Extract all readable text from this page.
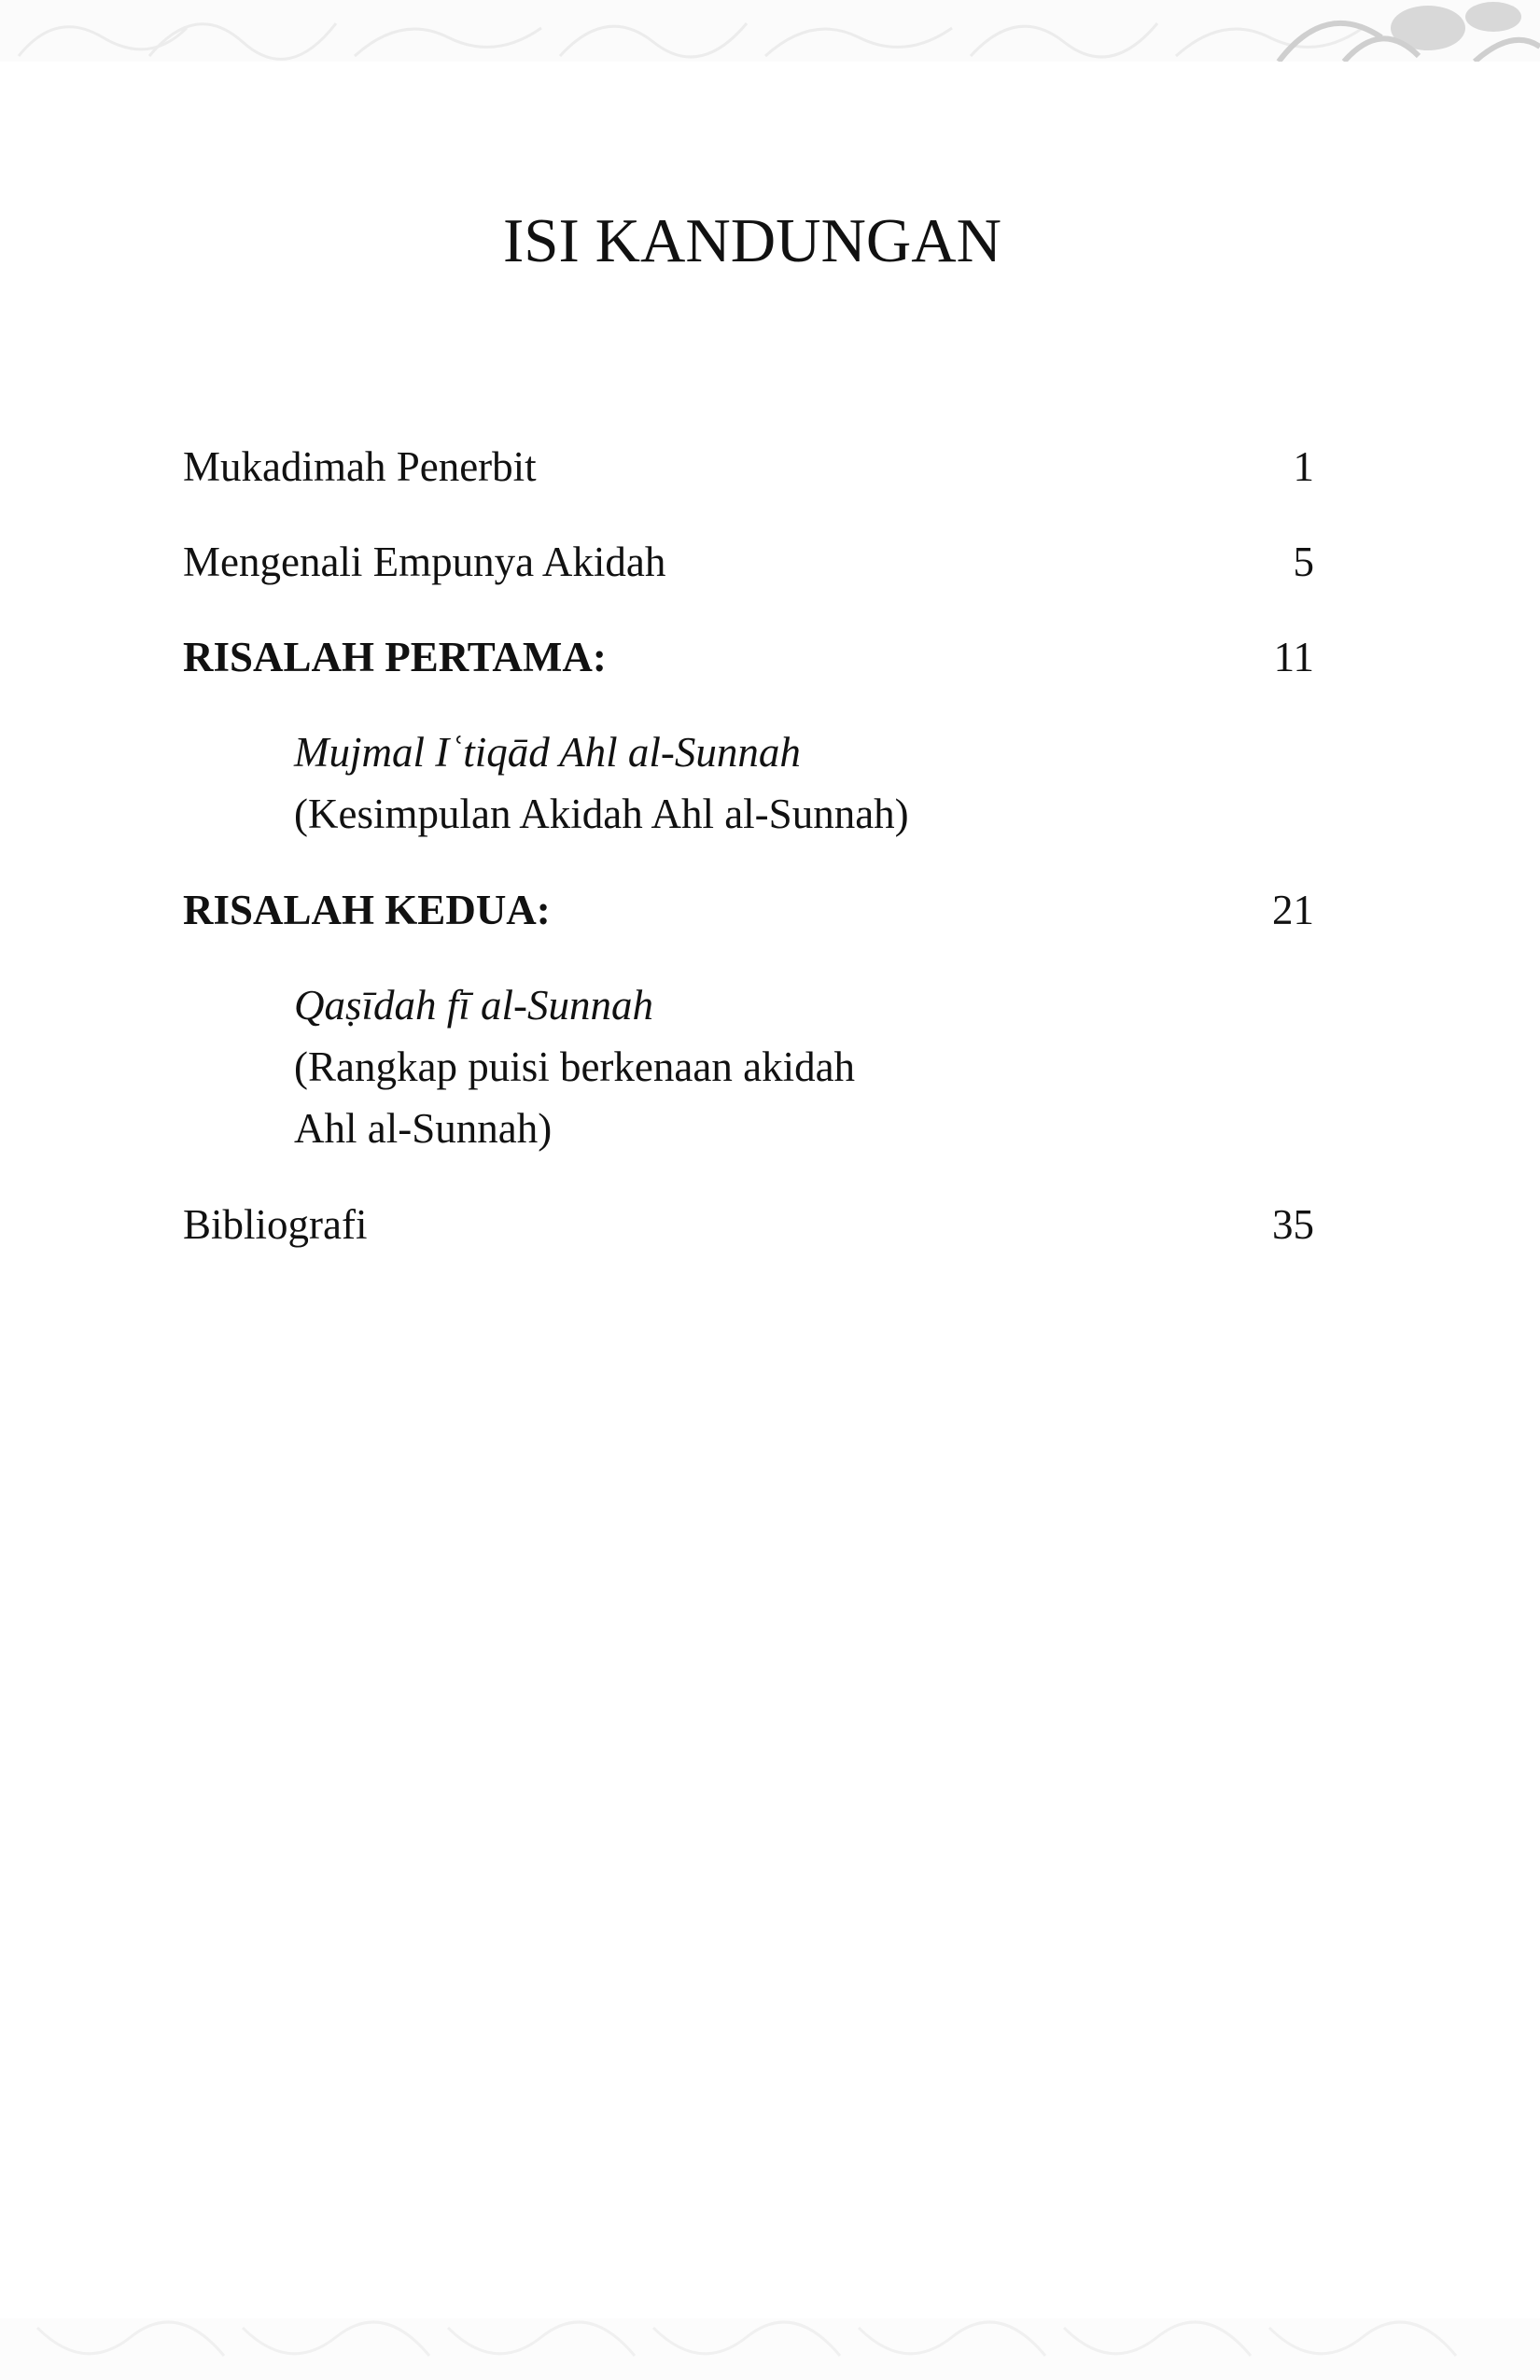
ISI KANDUNGAN
Mukadimah Penerbit	1
Mengenali Empunya Akidah	5
RISALAH PERTAMA:	11
Mujmal Iʿtiqād Ahl al-Sunnah
(Kesimpulan Akidah Ahl al-Sunnah)
RISALAH KEDUA:	21
Qaṣīdah fī al-Sunnah
(Rangkap puisi berkenaan akidah
Ahl al-Sunnah)
Bibliografi	35
